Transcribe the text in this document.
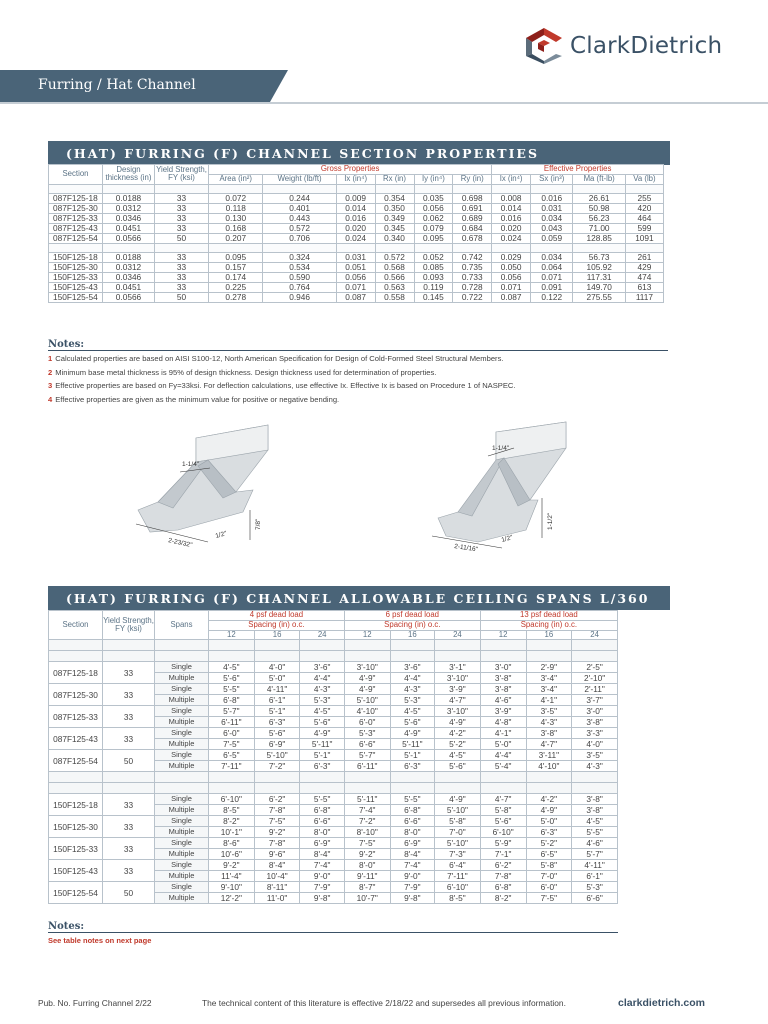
ClarkDietrich
Furring / Hat Channel
(HAT) FURRING (F) CHANNEL SECTION PROPERTIES
Section	Design thickness (in)	Yield Strength, FY (ksi)	Gross Properties						Effective Properties			
			Area (in²)	Weight (lb/ft)	Ix (in⁴)	Rx (in)	Iy (in⁴)	Ry (in)	Ix (in⁴)	Sx (in³)	Ma (ft-lb)	Va (lb)

087F125-18	0.0188	33	0.072	0.244	0.009	0.354	0.035	0.698	0.008	0.016	26.61	255
087F125-30	0.0312	33	0.118	0.401	0.014	0.350	0.056	0.691	0.014	0.031	50.98	420
087F125-33	0.0346	33	0.130	0.443	0.016	0.349	0.062	0.689	0.016	0.034	56.23	464
087F125-43	0.0451	33	0.168	0.572	0.020	0.345	0.079	0.684	0.020	0.043	71.00	599
087F125-54	0.0566	50	0.207	0.706	0.024	0.340	0.095	0.678	0.024	0.059	128.85	1091

150F125-18	0.0188	33	0.095	0.324	0.031	0.572	0.052	0.742	0.029	0.034	56.73	261
150F125-30	0.0312	33	0.157	0.534	0.051	0.568	0.085	0.735	0.050	0.064	105.92	429
150F125-33	0.0346	33	0.174	0.590	0.056	0.566	0.093	0.733	0.056	0.071	117.31	474
150F125-43	0.0451	33	0.225	0.764	0.071	0.563	0.119	0.728	0.071	0.091	149.70	613
150F125-54	0.0566	50	0.278	0.946	0.087	0.558	0.145	0.722	0.087	0.122	275.55	1117
Notes:
1 Calculated properties are based on AISI S100-12, North American Specification for Design of Cold-Formed Steel Structural Members.
2 Minimum base metal thickness is 95% of design thickness. Design thickness used for determination of properties.
3 Effective properties are based on Fy=33ksi. For deflection calculations, use effective Ix. Effective Ix is based on Procedure 1 of NASPEC.
4 Effective properties are given as the minimum value for positive or negative bending.
1-1/4"
2-23/32"
1/2"
7/8"
1-1/4"
2-11/16"
1/2"
1-1/2"
(HAT) FURRING (F) CHANNEL ALLOWABLE CEILING SPANS L/360
Section	Yield Strength, FY (ksi)	Spans	4 psf dead load			6 psf dead load			13 psf dead load		
			Spacing (in) o.c.			Spacing (in) o.c.			Spacing (in) o.c.		
			12	16	24	12	16	24	12	16	24

087F125-18	33	Single	4'-5"	4'-0"	3'-6"	3'-10"	3'-6"	3'-1"	3'-0"	2'-9"	2'-5"
		Multiple	5'-6"	5'-0"	4'-4"	4'-9"	4'-4"	3'-10"	3'-8"	3'-4"	2'-10"
087F125-30	33	Single	5'-5"	4'-11"	4'-3"	4'-9"	4'-3"	3'-9"	3'-8"	3'-4"	2'-11"
		Multiple	6'-8"	6'-1"	5'-3"	5'-10"	5'-3"	4'-7"	4'-6"	4'-1"	3'-7"
087F125-33	33	Single	5'-7"	5'-1"	4'-5"	4'-10"	4'-5"	3'-10"	3'-9"	3'-5"	3'-0"
		Multiple	6'-11"	6'-3"	5'-6"	6'-0"	5'-6"	4'-9"	4'-8"	4'-3"	3'-8"
087F125-43	33	Single	6'-0"	5'-6"	4'-9"	5'-3"	4'-9"	4'-2"	4'-1"	3'-8"	3'-3"
		Multiple	7'-5"	6'-9"	5'-11"	6'-6"	5'-11"	5'-2"	5'-0"	4'-7"	4'-0"
087F125-54	50	Single	6'-5"	5'-10"	5'-1"	5'-7"	5'-1"	4'-5"	4'-4"	3'-11"	3'-5"
		Multiple	7'-11"	7'-2"	6'-3"	6'-11"	6'-3"	5'-6"	5'-4"	4'-10"	4'-3"

150F125-18	33	Single	6'-10"	6'-2"	5'-5"	5'-11"	5'-5"	4'-9"	4'-7"	4'-2"	3'-8"
		Multiple	8'-5"	7'-8"	6'-8"	7'-4"	6'-8"	5'-10"	5'-8"	4'-9"	3'-8"
150F125-30	33	Single	8'-2"	7'-5"	6'-6"	7'-2"	6'-6"	5'-8"	5'-6"	5'-0"	4'-5"
		Multiple	10'-1"	9'-2"	8'-0"	8'-10"	8'-0"	7'-0"	6'-10"	6'-3"	5'-5"
150F125-33	33	Single	8'-6"	7'-8"	6'-9"	7'-5"	6'-9"	5'-10"	5'-9"	5'-2"	4'-6"
		Multiple	10'-6"	9'-6"	8'-4"	9'-2"	8'-4"	7'-3"	7'-1"	6'-5"	5'-7"
150F125-43	33	Single	9'-2"	8'-4"	7'-4"	8'-0"	7'-4"	6'-4"	6'-2"	5'-8"	4'-11"
		Multiple	11'-4"	10'-4"	9'-0"	9'-11"	9'-0"	7'-11"	7'-8"	7'-0"	6'-1"
150F125-54	50	Single	9'-10"	8'-11"	7'-9"	8'-7"	7'-9"	6'-10"	6'-8"	6'-0"	5'-3"
		Multiple	12'-2"	11'-0"	9'-8"	10'-7"	9'-8"	8'-5"	8'-2"	7'-5"	6'-6"
Notes:
See table notes on next page
Pub. No. Furring Channel 2/22	The technical content of this literature is effective 2/18/22 and supersedes all previous information.	clarkdietrich.com
